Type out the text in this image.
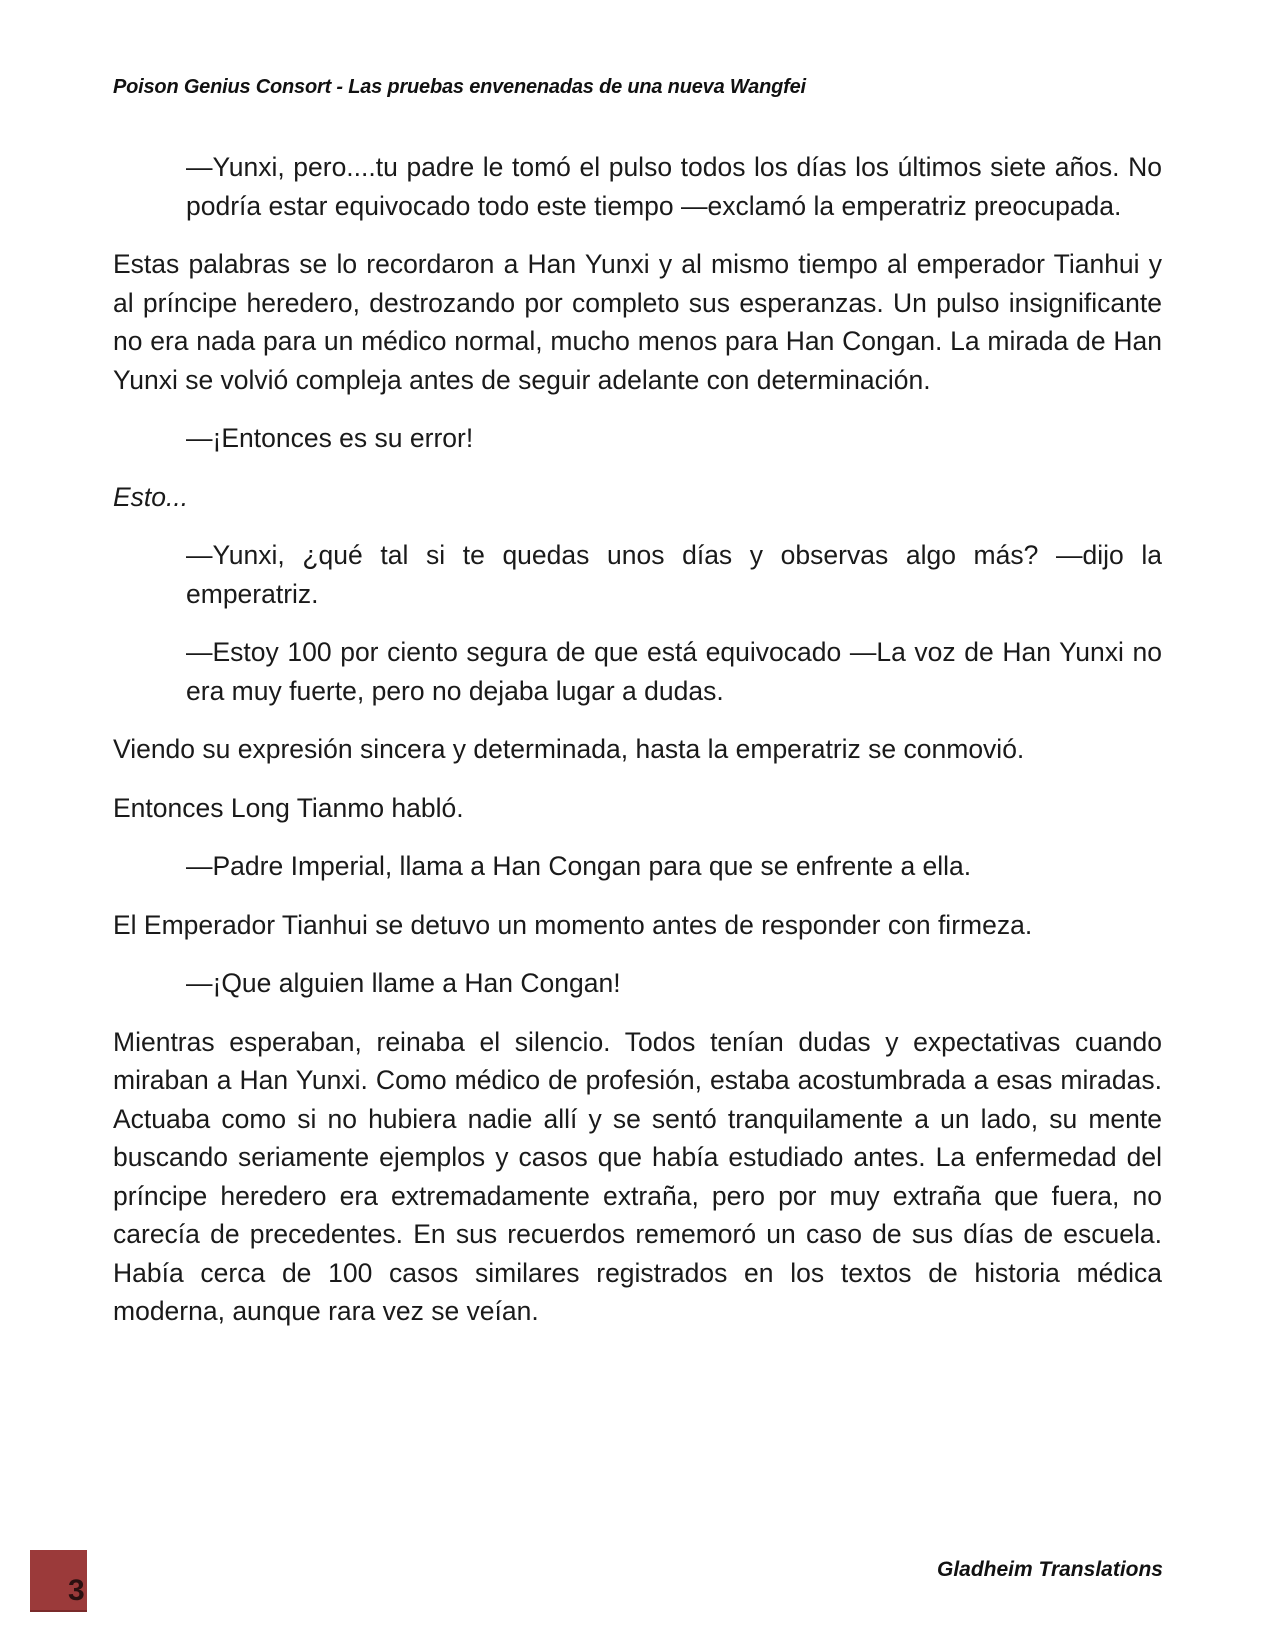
Poison Genius Consort - Las pruebas envenenadas de una nueva Wangfei

—Yunxi, pero....tu padre le tomó el pulso todos los días los últimos siete años. No podría estar equivocado todo este tiempo —exclamó la emperatriz preocupada.

Estas palabras se lo recordaron a Han Yunxi y al mismo tiempo al emperador Tianhui y al príncipe heredero, destrozando por completo sus esperanzas. Un pulso insignificante no era nada para un médico normal, mucho menos para Han Congan. La mirada de Han Yunxi se volvió compleja antes de seguir adelante con determinación.

—¡Entonces es su error!

Esto...

—Yunxi, ¿qué tal si te quedas unos días y observas algo más? —dijo la emperatriz.

—Estoy 100 por ciento segura de que está equivocado —La voz de Han Yunxi no era muy fuerte, pero no dejaba lugar a dudas.

Viendo su expresión sincera y determinada, hasta la emperatriz se conmovió.

Entonces Long Tianmo habló.

—Padre Imperial, llama a Han Congan para que se enfrente a ella.

El Emperador Tianhui se detuvo un momento antes de responder con firmeza.

—¡Que alguien llame a Han Congan!

Mientras esperaban, reinaba el silencio. Todos tenían dudas y expectativas cuando miraban a Han Yunxi. Como médico de profesión, estaba acostumbrada a esas miradas. Actuaba como si no hubiera nadie allí y se sentó tranquilamente a un lado, su mente buscando seriamente ejemplos y casos que había estudiado antes. La enfermedad del príncipe heredero era extremadamente extraña, pero por muy extraña que fuera, no carecía de precedentes. En sus recuerdos rememoró un caso de sus días de escuela. Había cerca de 100 casos similares registrados en los textos de historia médica moderna, aunque rara vez se veían.

3
Gladheim Translations
